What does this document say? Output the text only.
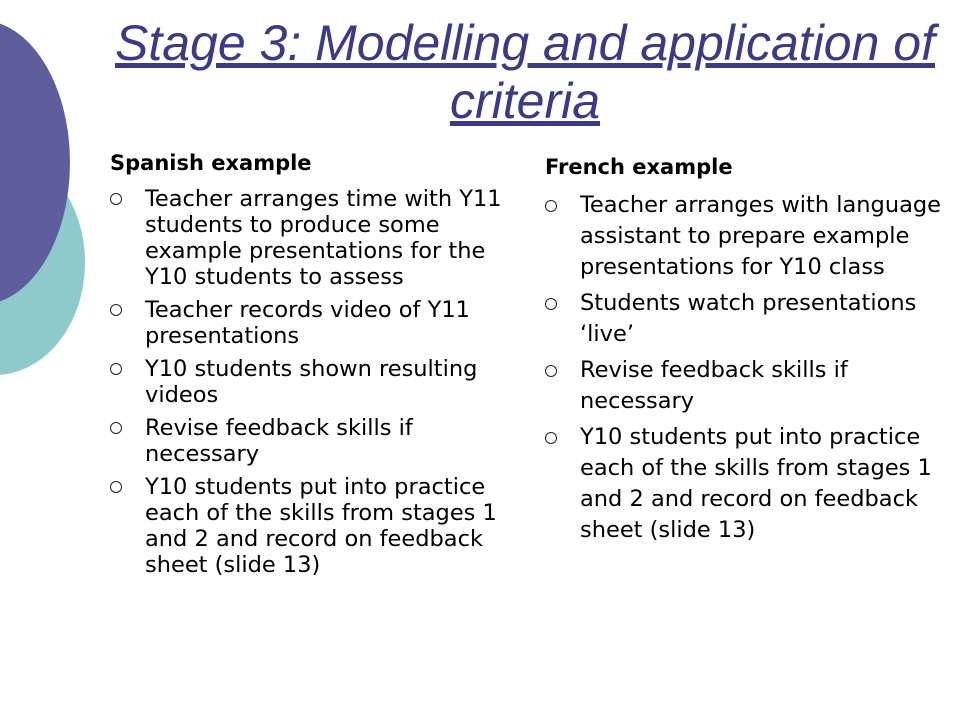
Stage 3: Modelling and application of criteria
Spanish example
Teacher arranges time with Y11 students to produce some example presentations for the Y10 students to assess
Teacher records video of Y11 presentations
Y10 students shown resulting videos
Revise feedback skills if necessary
Y10 students put into practice each of the skills from stages 1 and 2 and record on feedback sheet (slide 13)
French example
Teacher arranges with language assistant to prepare example presentations for Y10 class
Students watch presentations ‘live’
Revise feedback skills if necessary
Y10 students put into practice each of the skills from stages 1 and 2 and record on feedback sheet (slide 13)
